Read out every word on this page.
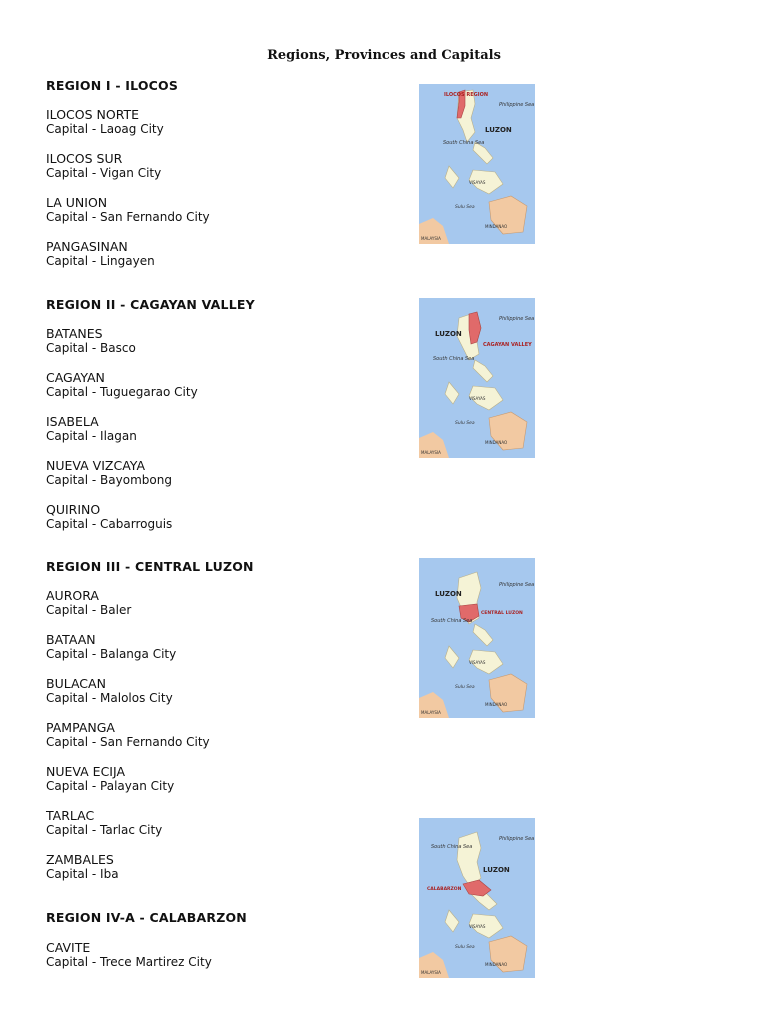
Regions, Provinces and Capitals
REGION I - ILOCOS
ILOCOS NORTE
Capital - Laoag City
ILOCOS SUR
Capital - Vigan City
LA UNION
Capital - San Fernando City
PANGASINAN
Capital - Lingayen
REGION II - CAGAYAN VALLEY
BATANES
Capital - Basco
CAGAYAN
Capital - Tuguegarao City
ISABELA
Capital - Ilagan
NUEVA VIZCAYA
Capital - Bayombong
QUIRINO
Capital - Cabarroguis
REGION III - CENTRAL LUZON
AURORA
Capital - Baler
BATAAN
Capital - Balanga City
BULACAN
Capital - Malolos City
PAMPANGA
Capital - San Fernando City
NUEVA ECIJA
Capital - Palayan City
TARLAC
Capital - Tarlac City
ZAMBALES
Capital - Iba
REGION IV-A - CALABARZON
CAVITE
Capital - Trece Martirez City
South China Sea
Philippine Sea
ILOCOS REGION
LUZON
VISAYAS
Sulu Sea
MINDANAO
MALAYSIA
LUZON
Philippine Sea
CAGAYAN VALLEY
South China Sea
VISAYAS
Sulu Sea
MINDANAO
MALAYSIA
LUZON
Philippine Sea
CENTRAL LUZON
South China Sea
VISAYAS
Sulu Sea
MINDANAO
MALAYSIA
South China Sea
Philippine Sea
LUZON
CALABARZON
VISAYAS
Sulu Sea
MINDANAO
MALAYSIA
